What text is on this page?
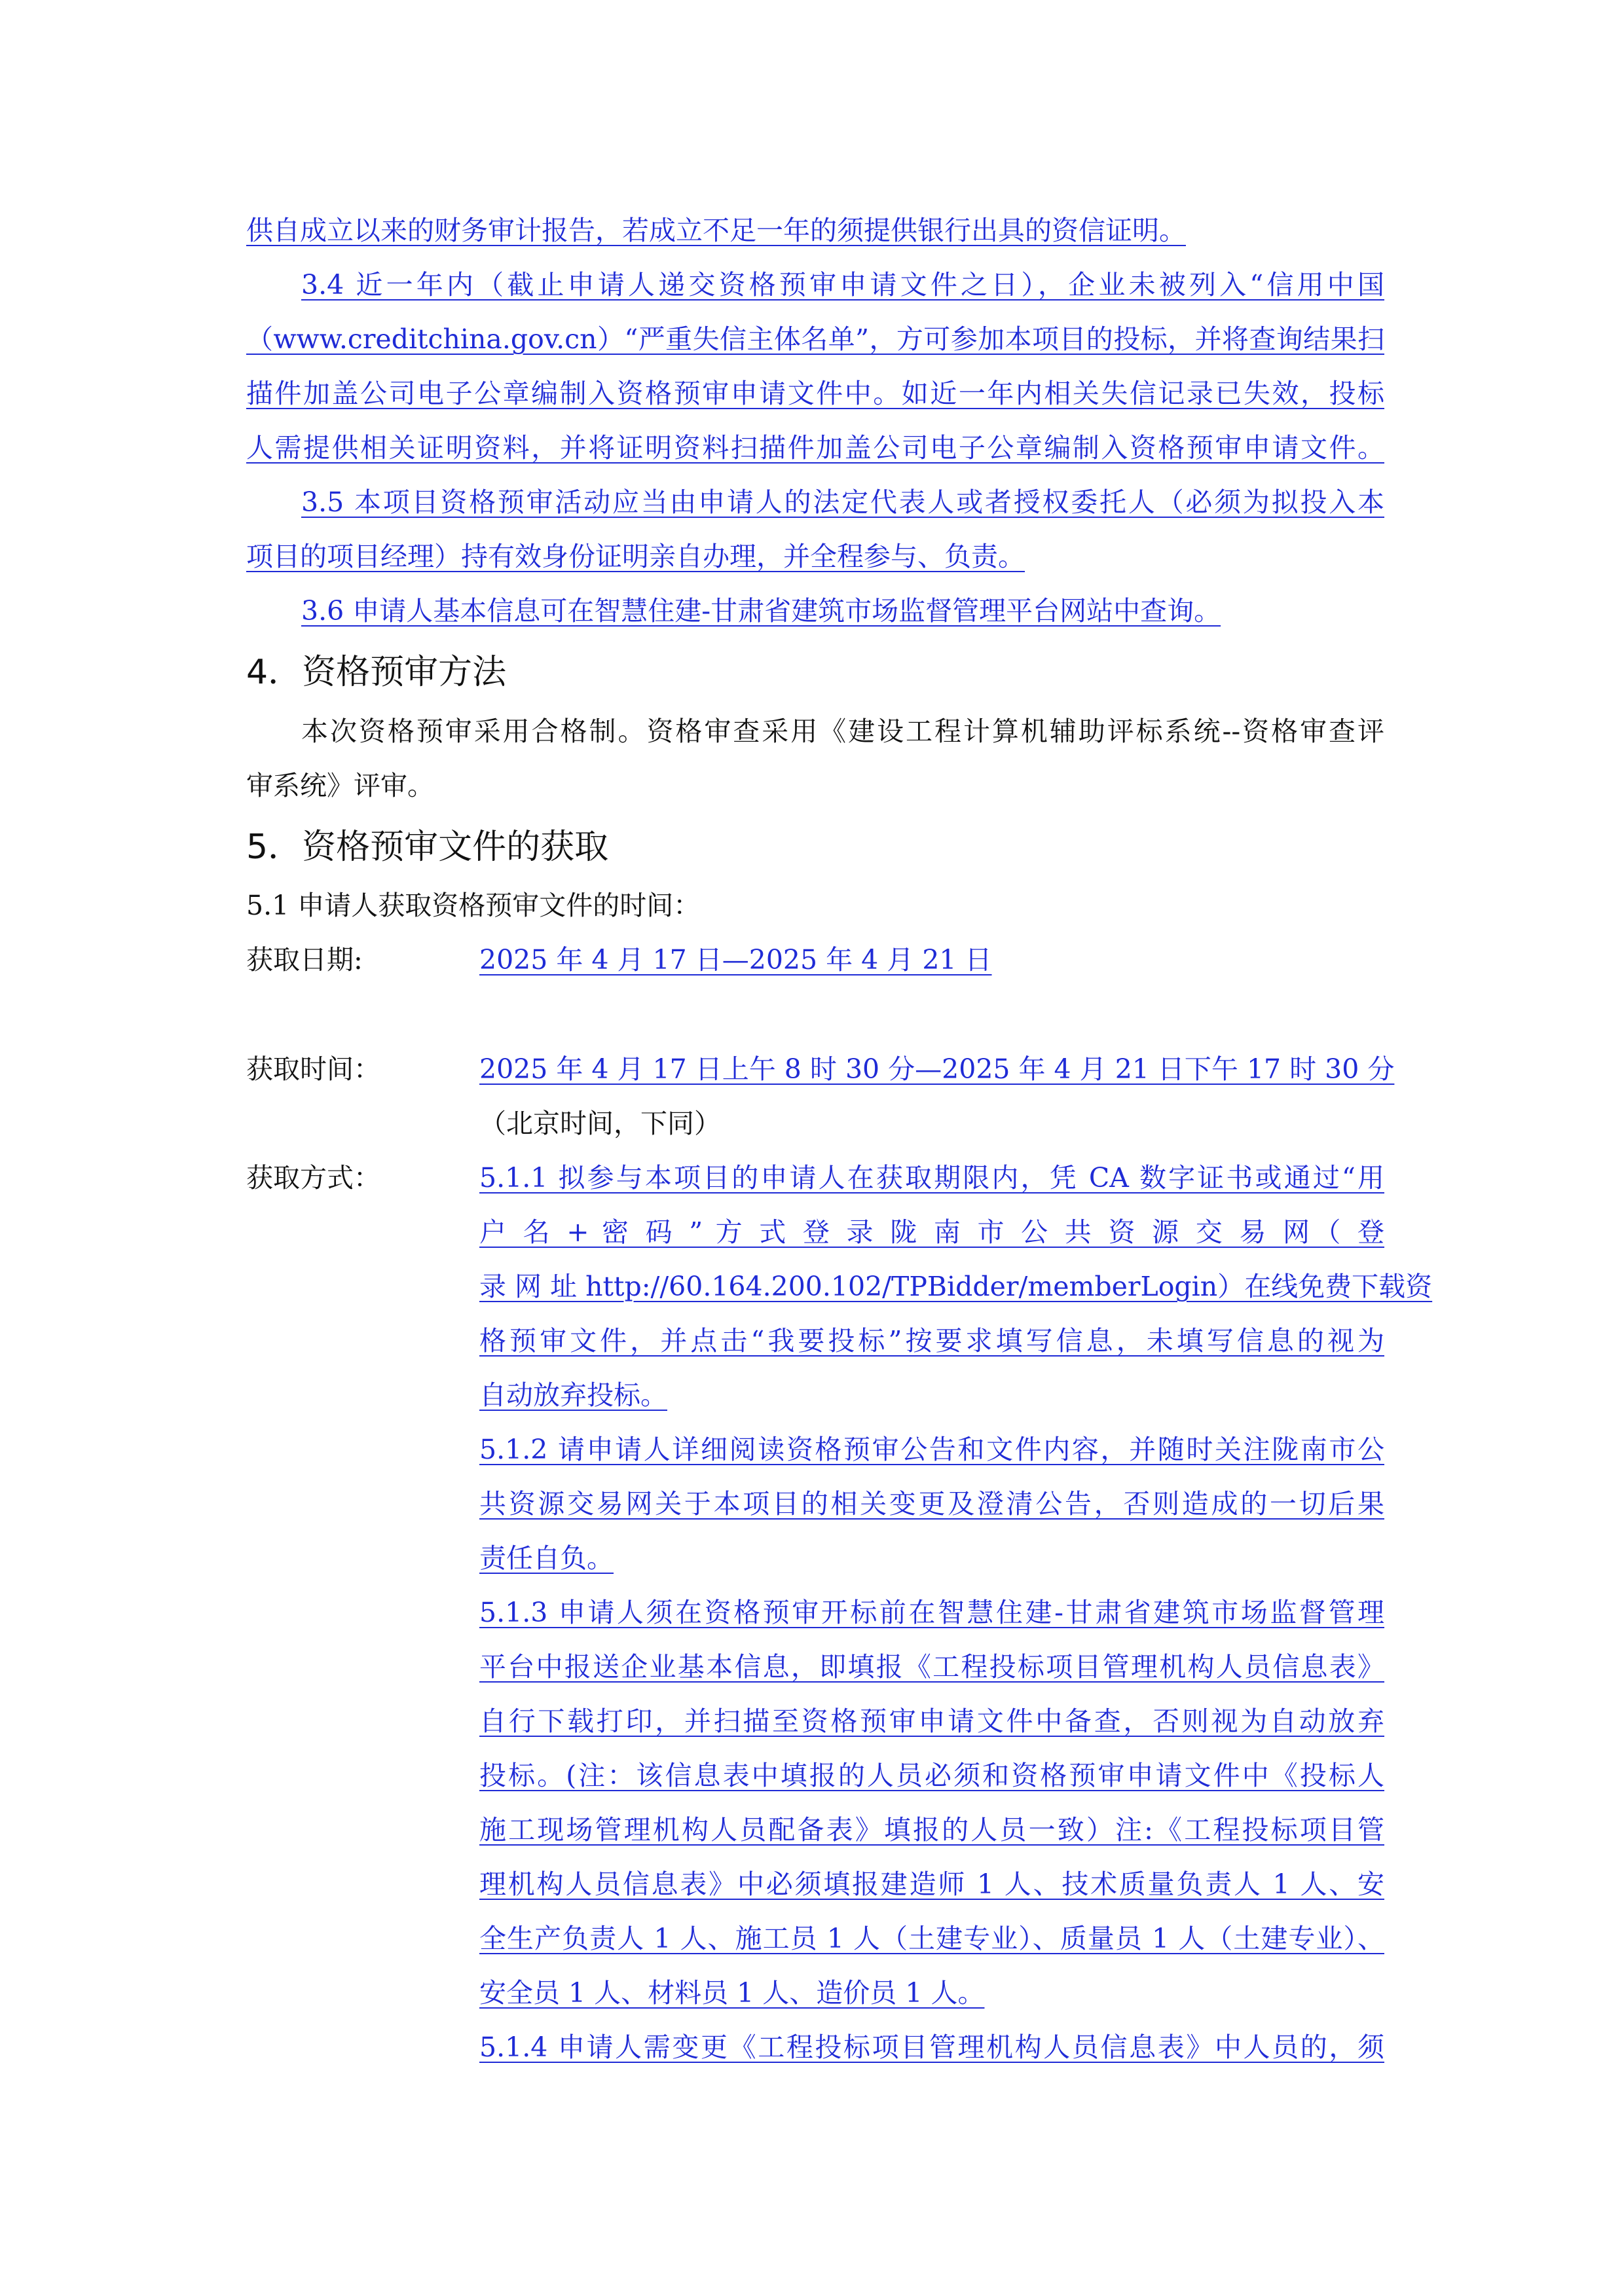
供自成立以来的财务审计报告，若成立不足一年的须提供银行出具的资信证明。
3.4 近一年内（截止申请人递交资格预审申请文件之日），企业未被列入“信用中国
（www.creditchina.gov.cn）“严重失信主体名单”，方可参加本项目的投标，并将查询结果扫
描件加盖公司电子公章编制入资格预审申请文件中。如近一年内相关失信记录已失效，投标
人需提供相关证明资料，并将证明资料扫描件加盖公司电子公章编制入资格预审申请文件。
3.5 本项目资格预审活动应当由申请人的法定代表人或者授权委托人（必须为拟投入本
项目的项目经理）持有效身份证明亲自办理，并全程参与、负责。
3.6 申请人基本信息可在智慧住建-甘肃省建筑市场监督管理平台网站中查询。
4．资格预审方法
本次资格预审采用合格制。资格审查采用《建设工程计算机辅助评标系统--资格审查评
审系统》评审。
5．资格预审文件的获取
5.1 申请人获取资格预审文件的时间：
获取日期:	2025 年 4 月 17 日—2025 年 4 月 21 日
获取时间：	2025 年 4 月 17 日上午 8 时 30 分—2025 年 4 月 21 日下午 17 时 30 分
（北京时间，下同）
获取方式：	5.1.1 拟参与本项目的申请人在获取期限内，凭 CA 数字证书或通过“用
户 名 + 密 码 ” 方 式 登 录 陇 南 市 公 共 资 源 交 易 网（ 登
录 网 址 http://60.164.200.102/TPBidder/memberLogin）在线免费下载资
格预审文件，并点击“我要投标”按要求填写信息，未填写信息的视为
自动放弃投标。
5.1.2 请申请人详细阅读资格预审公告和文件内容，并随时关注陇南市公
共资源交易网关于本项目的相关变更及澄清公告，否则造成的一切后果
责任自负。
5.1.3 申请人须在资格预审开标前在智慧住建-甘肃省建筑市场监督管理
平台中报送企业基本信息，即填报《工程投标项目管理机构人员信息表》
自行下载打印，并扫描至资格预审申请文件中备查，否则视为自动放弃
投标。(注：该信息表中填报的人员必须和资格预审申请文件中《投标人
施工现场管理机构人员配备表》填报的人员一致）注:《工程投标项目管
理机构人员信息表》中必须填报建造师 1 人、技术质量负责人 1 人、安
全生产负责人 1 人、施工员 1 人（土建专业）、质量员 1 人（土建专业）、
安全员 1 人、材料员 1 人、造价员 1 人。
5.1.4 申请人需变更《工程投标项目管理机构人员信息表》中人员的，须
